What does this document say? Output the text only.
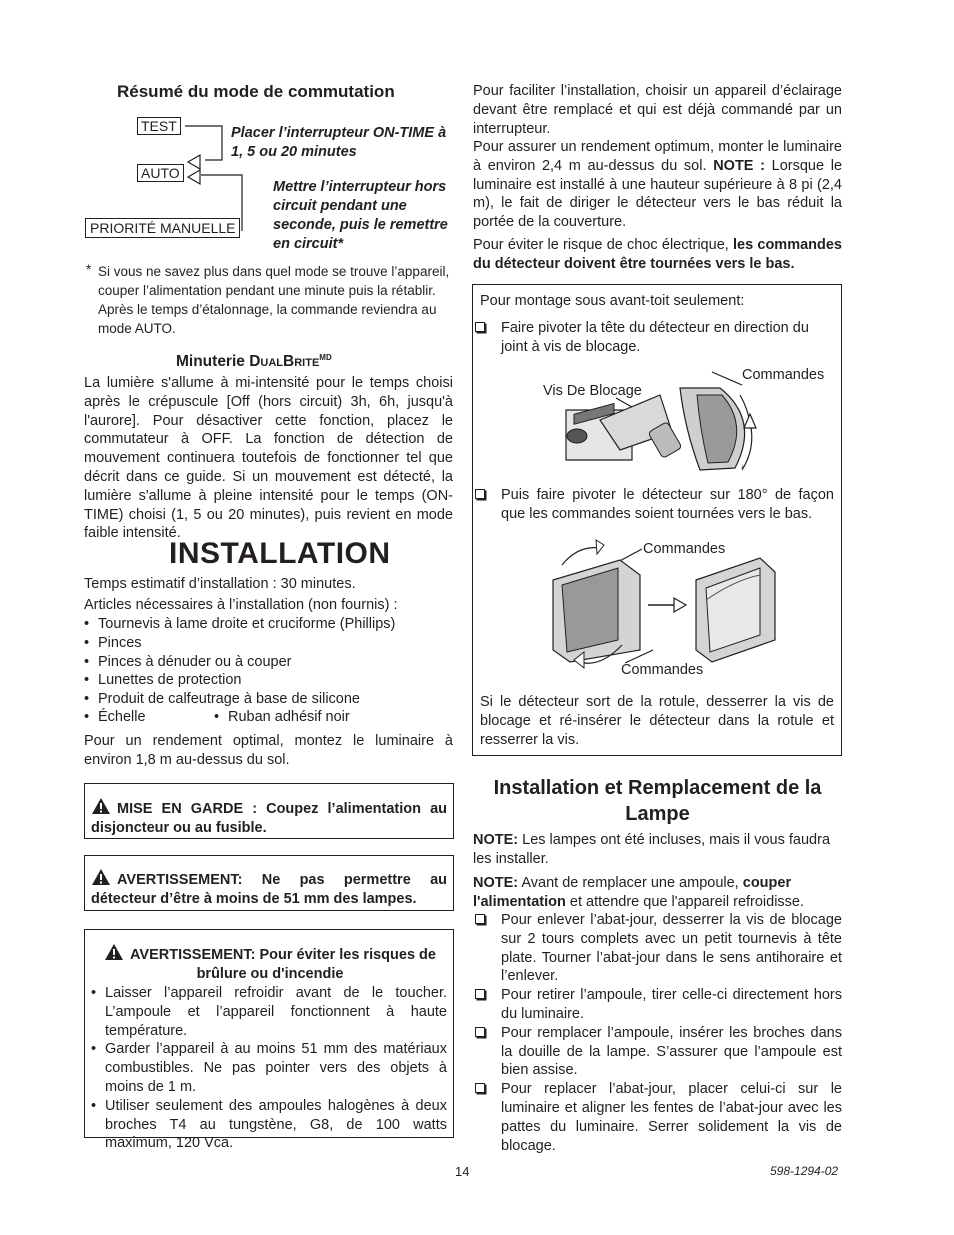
Résumé du mode de commutation
TEST
AUTO
PRIORITÉ MANUELLE
Placer l’interrupteur ON-TIME à 1, 5 ou 20 minutes
Mettre l’interrupteur hors circuit pendant une seconde, puis le remettre en circuit*
* Si vous ne savez plus dans quel mode se trouve l’appareil, couper l’alimentation pendant une minute puis la rétablir. Après le temps d’étalonnage, la commande reviendra au mode AUTO.
Minuterie $DUALBRITE^{MD}$

La lumière s'allume à mi-intensité pour le temps choisi après le crépuscule [Off (hors circuit) 3h, 6h, jusqu'à l'aurore]. Pour désactiver cette fonction, placez le commutateur à OFF. La fonction de détection de mouvement continuera toutefois de fonctionner tel que décrit dans ce guide. Si un mouvement est détecté, la lumière s'allume à pleine intensité pour le temps (ON-TIME) choisi (1, 5 ou 20 minutes), puis revient en mode faible intensité.

INSTALLATION

Temps estimatif d’installation : 30 minutes.

Articles nécessaires à l’installation (non fournis) :

• Tournevis à lame droite et cruciforme (Phillips)
• Pinces
• Pinces à dénuder ou à couper
• Lunettes de protection
• Produit de calfeutrage à base de silicone
• Échelle
•	Ruban adhésif noir

Pour un rendement optimal, montez le luminaire à environ 1,8 m au-dessus du sol.

MISE EN GARDE : Coupez l’alimentation au disjoncteur ou au fusible.
AVERTISSEMENT: Ne pas permettre au détecteur d’être à moins de 51 mm des lampes.
AVERTISSEMENT: Pour éviter les risques de brûlure ou d'incendie
• Laisser l’appareil refroidir avant de le toucher. L’ampoule et l’appareil fonctionnent à haute température.
• Garder l’appareil à au moins 51 mm des matériaux combustibles. Ne pas pointer vers des objets à moins de 1 m.
• Utiliser seulement des ampoules halogènes à deux broches T4 au tungstène, G8, de 100 watts maximum, 120 Vca.

Pour faciliter l’installation, choisir un appareil d’éclairage devant être remplacé et qui est déjà commandé par un interrupteur.

Pour assurer un rendement optimum, monter le luminaire à environ 2,4 m au-dessus du sol. NOTE : Lorsque le luminaire est installé à une hauteur supérieure à 8 pi (2,4 m), le fait de diriger le détecteur vers le bas réduit la portée de la couverture.

Pour éviter le risque de choc électrique, les commandes du détecteur doivent être tournées vers le bas.

Pour montage sous avant-toit seulement:

Faire pivoter la tête du détecteur en direction du joint à vis de blocage.
Vis De Blocage
Commandes
Puis faire pivoter le détecteur sur 180° de façon que les commandes soient tournées vers le bas.
Commandes
Commandes

Si le détecteur sort de la rotule, desserrer la vis de blocage et ré-insérer le détecteur dans la rotule et resserrer la vis.

Installation et Remplacement de la Lampe

NOTE: Les lampes ont été incluses, mais il vous faudra les installer.

NOTE: Avant de remplacer une ampoule, couper l'alimentation et attendre que l'appareil refroidisse.

Pour enlever l’abat-jour, desserrer la vis de blocage sur 2 tours complets avec un petit tournevis à tête plate. Tourner l’abat-jour dans le sens antihoraire et l’enlever.
Pour retirer l’ampoule, tirer celle-ci directement hors du luminaire.
Pour remplacer l’ampoule, insérer les broches dans la douille de la lampe. S’assurer que l’ampoule est bien assise.
Pour replacer l’abat-jour, placer celui-ci sur le luminaire et aligner les fentes de l’abat-jour avec les pattes du luminaire. Serrer solidement la vis de blocage.
14	598-1294-02
